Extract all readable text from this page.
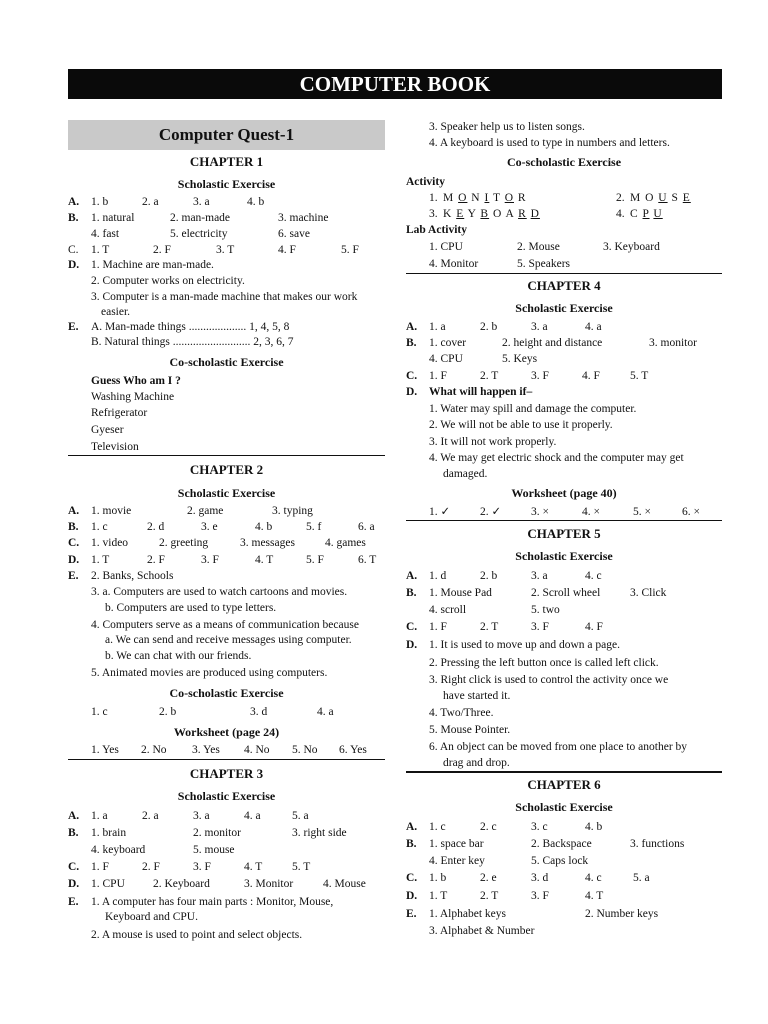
COMPUTER BOOK
Computer Quest-1
CHAPTER 1
Scholastic Exercise
A. 1. b	2. a	3. a	4. b
B. 1. natural	2. man-made	3. machine
4. fast	5. electricity	6. save
C. 1. T	2. F	3. T	4. F	5. F
D. 1. Machine are man-made.
2. Computer works on electricity.
3. Computer is a man-made machine that makes our work
easier.
E. A. Man-made things .................... 1, 4, 5, 8
B. Natural things ........................... 2, 3, 6, 7
Co-scholastic Exercise
Guess Who am I ?
Washing Machine
Refrigerator
Gyeser
Television
CHAPTER 2
Scholastic Exercise
A. 1. movie	2. game	3. typing
B. 1. c	2. d	3. e	4. b	5. f	6. a
C. 1. video	2. greeting	3. messages	4. games
D. 1. T	2. F	3. F	4. T	5. F	6. T
E. 2. Banks, Schools
3. a. Computers are used to watch cartoons and movies.
b. Computers are used to type letters.
4. Computers serve as a means of communication because
a. We can send and receive messages using computer.
b. We can chat with our friends.
5. Animated movies are produced using computers.
Co-scholastic Exercise
1. c	2. b	3. d	4. a
Worksheet (page 24)
1. Yes 2. No 3. Yes 4. No 5. No 6. Yes
CHAPTER 3
Scholastic Exercise
A. 1. a	2. a	3. a	4. a	5. a
B. 1. brain	2. monitor	3. right side
4. keyboard	5. mouse
C. 1. F	2. F	3. F	4. T	5. T
D. 1. CPU 2. Keyboard	3. Monitor	4. Mouse
E. 1. A computer has four main parts : Monitor, Mouse,
Keyboard and CPU.
2. A mouse is used to point and select objects.
3. Speaker help us to listen songs.
4. A keyboard is used to type in numbers and letters.
Co-scholastic Exercise
Activity
1. M O N I T O R	2. M O U S E
3. K E Y B O A R D	4. C P U
Lab Activity
1. CPU	2. Mouse	3. Keyboard
4. Monitor	5. Speakers
CHAPTER 4
Scholastic Exercise
A. 1. a	2. b	3. a	4. a
B. 1. cover	2. height and distance	3. monitor
4. CPU	5. Keys
C. 1. F	2. T	3. F	4. F	5. T
D. What will happen if–
1. Water may spill and damage the computer.
2. We will not be able to use it properly.
3. It will not work properly.
4. We may get electric shock and the computer may get
damaged.
Worksheet (page 40)
1. ✓	2. ✓	3. ×	4. ×	5. ×	6. ×
CHAPTER 5
Scholastic Exercise
A. 1. d	2. b	3. a	4. c
B. 1. Mouse Pad	2. Scroll wheel	3. Click
4. scroll	5. two
C. 1. F	2. T	3. F	4. F
D. 1. It is used to move up and down a page.
2. Pressing the left button once is called left click.
3. Right click is used to control the activity once we
have started it.
4. Two/Three.
5. Mouse Pointer.
6. An object can be moved from one place to another by
drag and drop.
CHAPTER 6
Scholastic Exercise
A. 1. c	2. c	3. c	4. b
B. 1. space bar	2. Backspace	3. functions
4. Enter key	5. Caps lock
C. 1. b	2. e	3. d	4. c	5. a
D. 1. T	2. T	3. F	4. T
E. 1. Alphabet keys	2. Number keys
3. Alphabet & Number
